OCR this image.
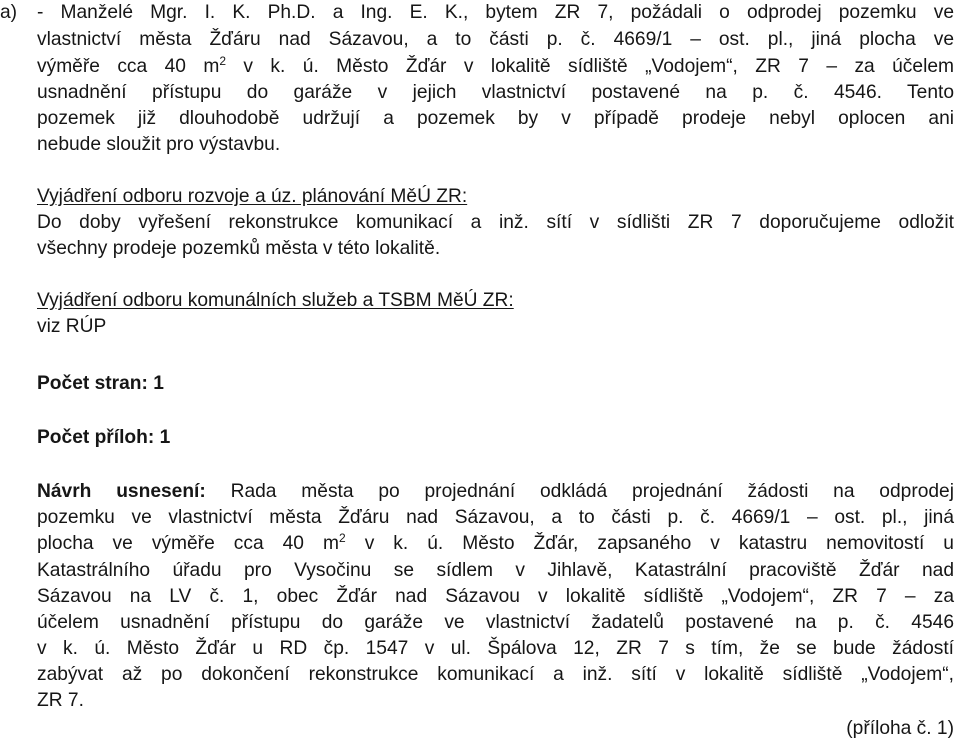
a) - Manželé Mgr. I. K. Ph.D. a Ing. E. K., bytem ZR 7, požádali o odprodej pozemku ve
vlastnictví města Žďáru nad Sázavou, a to části p. č. 4669/1 – ost. pl., jiná plocha ve
výměře cca 40 $m^2$ v k. ú. Město Žďár v lokalitě sídliště „Vodojem“, ZR 7 – za účelem
usnadnění přístupu do garáže v jejich vlastnictví postavené na p. č. 4546. Tento
pozemek již dlouhodobě udržují a pozemek by v případě prodeje nebyl oplocen ani
nebude sloužit pro výstavbu.
Vyjádření odboru rozvoje a úz. plánování MěÚ ZR:
Do doby vyřešení rekonstrukce komunikací a inž. sítí v sídlišti ZR 7 doporučujeme odložit
všechny prodeje pozemků města v této lokalitě.
Vyjádření odboru komunálních služeb a TSBM MěÚ ZR:
viz RÚP
Počet stran: 1
Počet příloh: 1
Návrh usnesení: Rada města po projednání odkládá projednání žádosti na odprodej
pozemku ve vlastnictví města Žďáru nad Sázavou, a to části p. č. 4669/1 – ost. pl., jiná
plocha ve výměře cca 40 $m^2$ v k. ú. Město Žďár, zapsaného v katastru nemovitostí u
Katastrálního úřadu pro Vysočinu se sídlem v Jihlavě, Katastrální pracoviště Žďár nad
Sázavou na LV č. 1, obec Žďár nad Sázavou v lokalitě sídliště „Vodojem“, ZR 7 – za
účelem usnadnění přístupu do garáže ve vlastnictví žadatelů postavené na p. č. 4546
v k. ú. Město Žďár u RD čp. 1547 v ul. Špálova 12, ZR 7 s tím, že se bude žádostí
zabývat až po dokončení rekonstrukce komunikací a inž. sítí v lokalitě sídliště „Vodojem“,
ZR 7.
(příloha č. 1)
